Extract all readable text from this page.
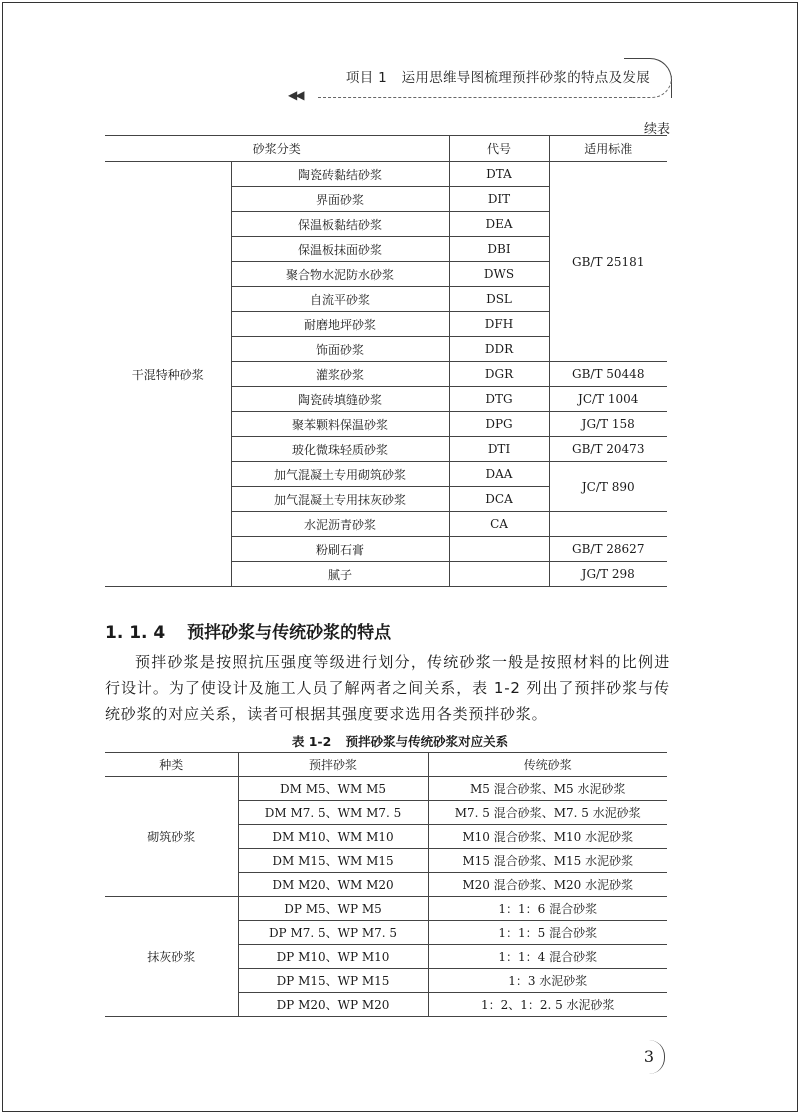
项目 1 运用思维导图梳理预拌砂浆的特点及发展
◀◀
续表
砂浆分类		代号	适用标准
干混特种砂浆	陶瓷砖黏结砂浆	DTA	GB/T 25181
	界面砂浆	DIT	
	保温板黏结砂浆	DEA	
	保温板抹面砂浆	DBI	
	聚合物水泥防水砂浆	DWS	
	自流平砂浆	DSL	
	耐磨地坪砂浆	DFH	
	饰面砂浆	DDR	
	灌浆砂浆	DGR	GB/T 50448
	陶瓷砖填缝砂浆	DTG	JC/T 1004
	聚苯颗料保温砂浆	DPG	JG/T 158
	玻化微珠轻质砂浆	DTI	GB/T 20473
	加气混凝土专用砌筑砂浆	DAA	JC/T 890
	加气混凝土专用抹灰砂浆	DCA	
	水泥沥青砂浆	CA	
	粉刷石膏		GB/T 28627
	腻子		JG/T 298
1. 1. 4 预拌砂浆与传统砂浆的特点

预拌砂浆是按照抗压强度等级进行划分，传统砂浆一般是按照材料的比例进行设计。为了使设计及施工人员了解两者之间关系，表 1-2 列出了预拌砂浆与传统砂浆的对应关系，读者可根据其强度要求选用各类预拌砂浆。

表 1-2 预拌砂浆与传统砂浆对应关系
种类	预拌砂浆	传统砂浆
砌筑砂浆	DM M5、WM M5	M5 混合砂浆、M5 水泥砂浆
	DM M7. 5、WM M7. 5	M7. 5 混合砂浆、M7. 5 水泥砂浆
	DM M10、WM M10	M10 混合砂浆、M10 水泥砂浆
	DM M15、WM M15	M15 混合砂浆、M15 水泥砂浆
	DM M20、WM M20	M20 混合砂浆、M20 水泥砂浆
抹灰砂浆	DP M5、WP M5	1：1：6 混合砂浆
	DP M7. 5、WP M7. 5	1：1：5 混合砂浆
	DP M10、WP M10	1：1：4 混合砂浆
	DP M15、WP M15	1：3 水泥砂浆
	DP M20、WP M20	1：2、1：2. 5 水泥砂浆
3
